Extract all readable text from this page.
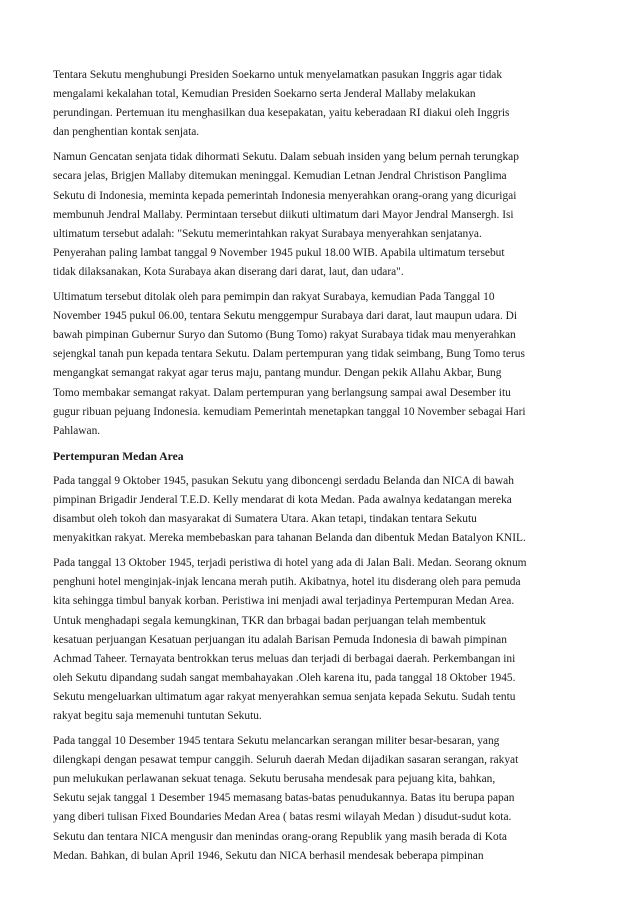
Tentara Sekutu menghubungi Presiden Soekarno untuk menyelamatkan pasukan Inggris agar tidak
mengalami kekalahan total, Kemudian Presiden Soekarno serta Jenderal Mallaby melakukan
perundingan. Pertemuan itu menghasilkan dua kesepakatan, yaitu keberadaan RI diakui oleh Inggris
dan penghentian kontak senjata.

Namun Gencatan senjata tidak dihormati Sekutu. Dalam sebuah insiden yang belum pernah terungkap
secara jelas, Brigjen Mallaby ditemukan meninggal. Kemudian Letnan Jendral Christison Panglima
Sekutu di Indonesia, meminta kepada pemerintah Indonesia menyerahkan orang-orang yang dicurigai
membunuh Jendral Mallaby. Permintaan tersebut diikuti ultimatum dari Mayor Jendral Mansergh. Isi
ultimatum tersebut adalah: "Sekutu memerintahkan rakyat Surabaya menyerahkan senjatanya.
Penyerahan paling lambat tanggal 9 November 1945 pukul 18.00 WIB. Apabila ultimatum tersebut
tidak dilaksanakan, Kota Surabaya akan diserang dari darat, laut, dan udara".

Ultimatum tersebut ditolak oleh para pemimpin dan rakyat Surabaya, kemudian Pada Tanggal 10
November 1945 pukul 06.00, tentara Sekutu menggempur Surabaya dari darat, laut maupun udara. Di
bawah pimpinan Gubernur Suryo dan Sutomo (Bung Tomo) rakyat Surabaya tidak mau menyerahkan
sejengkal tanah pun kepada tentara Sekutu. Dalam pertempuran yang tidak seimbang, Bung Tomo terus
mengangkat semangat rakyat agar terus maju, pantang mundur. Dengan pekik Allahu Akbar, Bung
Tomo membakar semangat rakyat. Dalam pertempuran yang berlangsung sampai awal Desember itu
gugur ribuan pejuang Indonesia. kemudiam Pemerintah menetapkan tanggal 10 November sebagai Hari
Pahlawan.

Pertempuran Medan Area

Pada tanggal 9 Oktober 1945, pasukan Sekutu yang diboncengi serdadu Belanda dan NICA di bawah
pimpinan Brigadir Jenderal T.E.D. Kelly mendarat di kota Medan. Pada awalnya kedatangan mereka
disambut oleh tokoh dan masyarakat di Sumatera Utara. Akan tetapi, tindakan tentara Sekutu
menyakitkan rakyat. Mereka membebaskan para tahanan Belanda dan dibentuk Medan Batalyon KNIL.

Pada tanggal 13 Oktober 1945, terjadi peristiwa di hotel yang ada di Jalan Bali. Medan. Seorang oknum
penghuni hotel menginjak-injak lencana merah putih. Akibatnya, hotel itu disderang oleh para pemuda
kita sehingga timbul banyak korban. Peristiwa ini menjadi awal terjadinya Pertempuran Medan Area.
Untuk menghadapi segala kemungkinan, TKR dan brbagai badan perjuangan telah membentuk
kesatuan perjuangan Kesatuan perjuangan itu adalah Barisan Pemuda Indonesia di bawah pimpinan
Achmad Taheer. Ternayata bentrokkan terus meluas dan terjadi di berbagai daerah. Perkembangan ini
oleh Sekutu dipandang sudah sangat membahayakan .Oleh karena itu, pada tanggal 18 Oktober 1945.
Sekutu mengeluarkan ultimatum agar rakyat menyerahkan semua senjata kepada Sekutu. Sudah tentu
rakyat begitu saja memenuhi tuntutan Sekutu.

Pada tanggal 10 Desember 1945 tentara Sekutu melancarkan serangan militer besar-besaran, yang
dilengkapi dengan pesawat tempur canggih. Seluruh daerah Medan dijadikan sasaran serangan, rakyat
pun melukukan perlawanan sekuat tenaga. Sekutu berusaha mendesak para pejuang kita, bahkan,
Sekutu sejak tanggal 1 Desember 1945 memasang batas-batas penudukannya. Batas itu berupa papan
yang diberi tulisan Fixed Boundaries Medan Area ( batas resmi wilayah Medan ) disudut-sudut kota.
Sekutu dan tentara NICA mengusir dan menindas orang-orang Republik yang masih berada di Kota
Medan. Bahkan, di bulan April 1946, Sekutu dan NICA berhasil mendesak beberapa pimpinan
